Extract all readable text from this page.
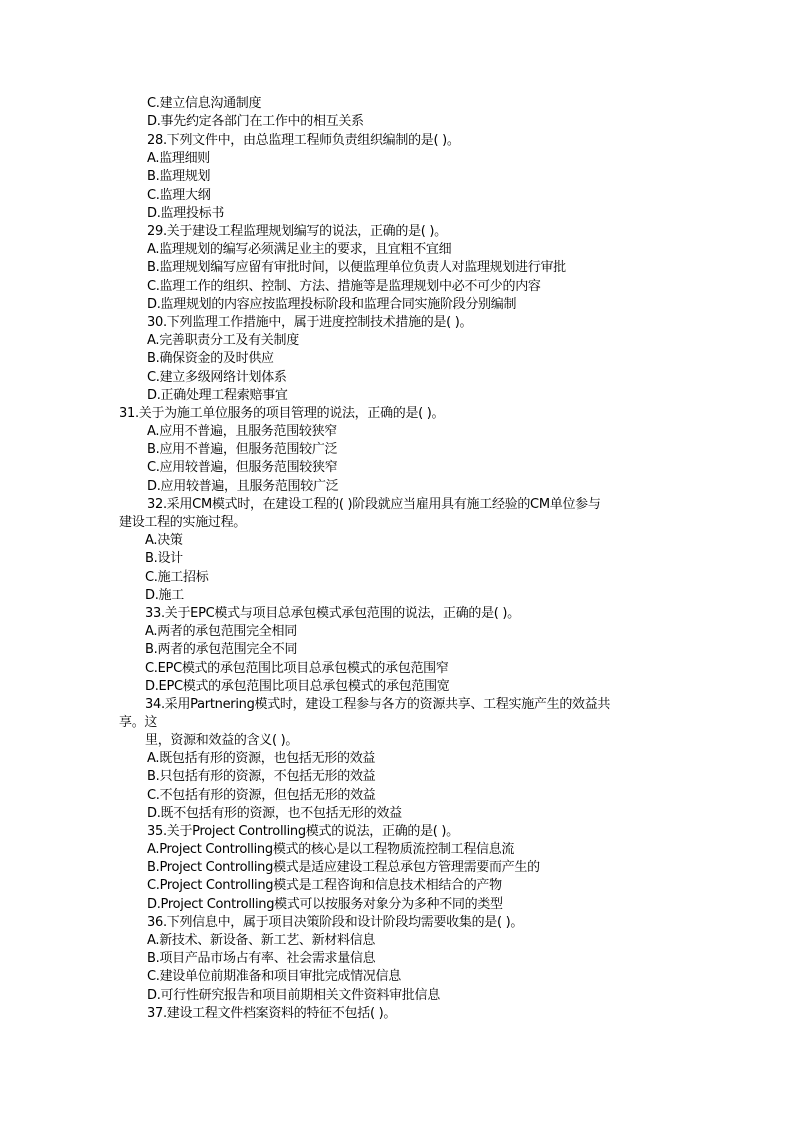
C.建立信息沟通制度
D.事先约定各部门在工作中的相互关系
28.下列文件中，由总监理工程师负责组织编制的是( )。
A.监理细则
B.监理规划
C.监理大纲
D.监理投标书
29.关于建设工程监理规划编写的说法，正确的是( )。
A.监理规划的编写必须满足业主的要求，且宜粗不宜细
B.监理规划编写应留有审批时间，以便监理单位负责人对监理规划进行审批
C.监理工作的组织、控制、方法、措施等是监理规划中必不可少的内容
D.监理规划的内容应按监理投标阶段和监理合同实施阶段分别编制
30.下列监理工作措施中，属于进度控制技术措施的是( )。
A.完善职责分工及有关制度
B.确保资金的及时供应
C.建立多级网络计划体系
D.正确处理工程索赔事宜
31.关于为施工单位服务的项目管理的说法，正确的是( )。
A.应用不普遍，且服务范围较狭窄
B.应用不普遍，但服务范围较广泛
C.应用较普遍，但服务范围较狭窄
D.应用较普遍，且服务范围较广泛
32.采用CM模式时，在建设工程的( )阶段就应当雇用具有施工经验的CM单位参与
建设工程的实施过程。
A.决策
B.设计
C.施工招标
D.施工
33.关于EPC模式与项目总承包模式承包范围的说法，正确的是( )。
A.两者的承包范围完全相同
B.两者的承包范围完全不同
C.EPC模式的承包范围比项目总承包模式的承包范围窄
D.EPC模式的承包范围比项目总承包模式的承包范围宽
34.采用Partnering模式时，建设工程参与各方的资源共享、工程实施产生的效益共
享。这
里，资源和效益的含义( )。
A.既包括有形的资源，也包括无形的效益
B.只包括有形的资源，不包括无形的效益
C.不包括有形的资源，但包括无形的效益
D.既不包括有形的资源，也不包括无形的效益
35.关于Project Controlling模式的说法，正确的是( )。
A.Project Controlling模式的核心是以工程物质流控制工程信息流
B.Project Controlling模式是适应建设工程总承包方管理需要而产生的
C.Project Controlling模式是工程咨询和信息技术相结合的产物
D.Project Controlling模式可以按服务对象分为多种不同的类型
36.下列信息中，属于项目决策阶段和设计阶段均需要收集的是( )。
A.新技术、新设备、新工艺、新材料信息
B.项目产品市场占有率、社会需求量信息
C.建设单位前期准备和项目审批完成情况信息
D.可行性研究报告和项目前期相关文件资料审批信息
37.建设工程文件档案资料的特征不包括( )。
